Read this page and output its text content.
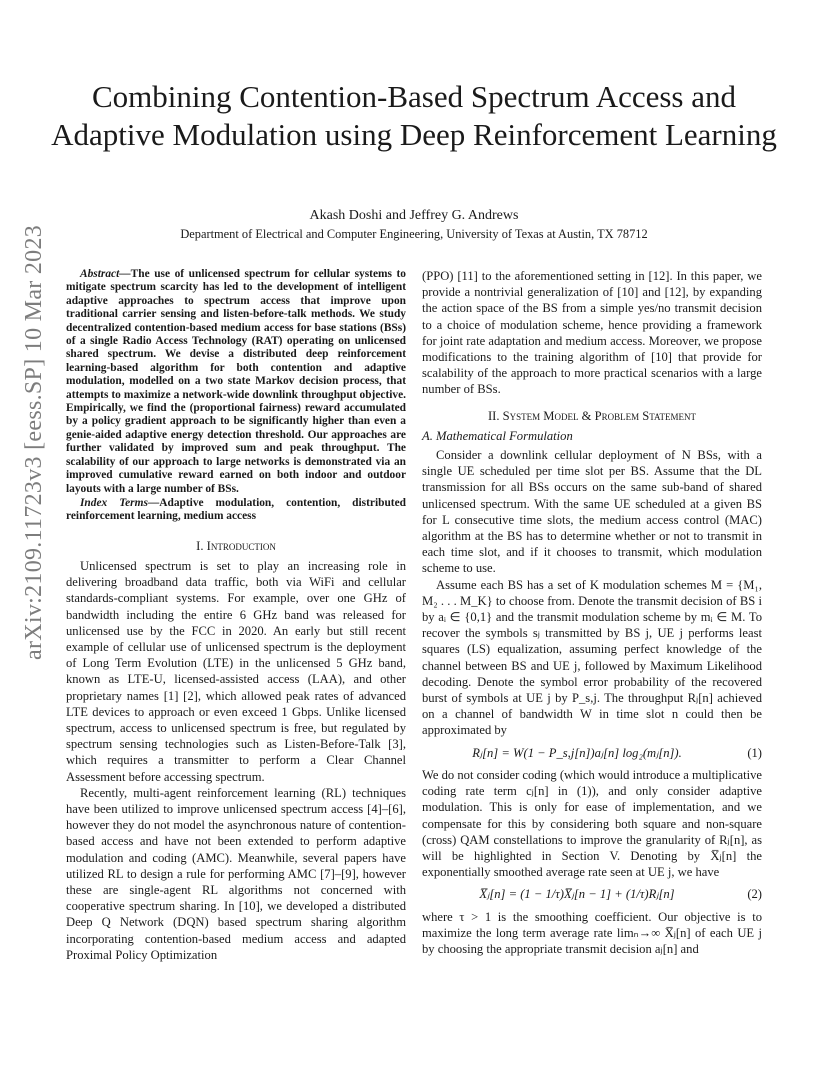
Combining Contention-Based Spectrum Access and Adaptive Modulation using Deep Reinforcement Learning
Akash Doshi and Jeffrey G. Andrews
Department of Electrical and Computer Engineering, University of Texas at Austin, TX 78712
arXiv:2109.11723v3 [eess.SP] 10 Mar 2023	Abstract—The use of unlicensed spectrum for cellular systems to mitigate spectrum scarcity has led to the development of intelligent adaptive approaches to spectrum access that improve upon traditional carrier sensing and listen-before-talk methods. We study decentralized contention-based medium access for base stations (BSs) of a single Radio Access Technology (RAT) operating on unlicensed shared spectrum. We devise a distributed deep reinforcement learning-based algorithm for both contention and adaptive modulation, modelled on a two state Markov decision process, that attempts to maximize a network-wide downlink throughput objective. Empirically, we find the (proportional fairness) reward accumulated by a policy gradient approach to be significantly higher than even a genie-aided adaptive energy detection threshold. Our approaches are further validated by improved sum and peak throughput. The scalability of our approach to large networks is demonstrated via an improved cumulative reward earned on both indoor and outdoor layouts with a large number of BSs.

Index Terms—Adaptive modulation, contention, distributed reinforcement learning, medium access

I. Introduction

Unlicensed spectrum is set to play an increasing role in delivering broadband data traffic, both via WiFi and cellular standards-compliant systems. For example, over one GHz of bandwidth including the entire 6 GHz band was released for unlicensed use by the FCC in 2020. An early but still recent example of cellular use of unlicensed spectrum is the deployment of Long Term Evolution (LTE) in the unlicensed 5 GHz band, known as LTE-U, licensed-assisted access (LAA), and other proprietary names [1] [2], which allowed peak rates of advanced LTE devices to approach or even exceed 1 Gbps. Unlike licensed spectrum, access to unlicensed spectrum is free, but regulated by spectrum sensing technologies such as Listen-Before-Talk [3], which requires a transmitter to perform a Clear Channel Assessment before accessing spectrum.

Recently, multi-agent reinforcement learning (RL) techniques have been utilized to improve unlicensed spectrum access [4]–[6], however they do not model the asynchronous nature of contention-based access and have not been extended to perform adaptive modulation and coding (AMC). Meanwhile, several papers have utilized RL to design a rule for performing AMC [7]–[9], however these are single-agent RL algorithms not concerned with cooperative spectrum sharing. In [10], we developed a distributed Deep Q Network (DQN) based spectrum sharing algorithm incorporating contention-based medium access and adapted Proximal Policy Optimization

(PPO) [11] to the aforementioned setting in [12]. In this paper, we provide a nontrivial generalization of [10] and [12], by expanding the action space of the BS from a simple yes/no transmit decision to a choice of modulation scheme, hence providing a framework for joint rate adaptation and medium access. Moreover, we propose modifications to the training algorithm of [10] that provide for scalability of the approach to more practical scenarios with a large number of BSs.

II. System Model & Problem Statement
A. Mathematical Formulation

Consider a downlink cellular deployment of N BSs, with a single UE scheduled per time slot per BS. Assume that the DL transmission for all BSs occurs on the same sub-band of shared unlicensed spectrum. With the same UE scheduled at a given BS for L consecutive time slots, the medium access control (MAC) algorithm at the BS has to determine whether or not to transmit in each time slot, and if it chooses to transmit, which modulation scheme to use.

Assume each BS has a set of K modulation schemes M = {M₁, M₂ . . . M_K} to choose from. Denote the transmit decision of BS i by aᵢ ∈ {0,1} and the transmit modulation scheme by mᵢ ∈ M. To recover the symbols sⱼ transmitted by BS j, UE j performs least squares (LS) equalization, assuming perfect knowledge of the channel between BS and UE j, followed by Maximum Likelihood decoding. Denote the symbol error probability of the recovered burst of symbols at UE j by P_s,j. The throughput Rⱼ[n] achieved on a channel of bandwidth W in time slot n could then be approximated by

Rⱼ[n] = W(1 − P_s,j[n])aⱼ[n] log₂(mⱼ[n]).	(1)

We do not consider coding (which would introduce a multiplicative coding rate term cⱼ[n] in (1)), and only consider adaptive modulation. This is only for ease of implementation, and we compensate for this by considering both square and non-square (cross) QAM constellations to improve the granularity of Rⱼ[n], as will be highlighted in Section V. Denoting by X̅ⱼ[n] the exponentially smoothed average rate seen at UE j, we have

X̅ⱼ[n] = (1 − 1/τ)X̅ⱼ[n − 1] + (1/τ)Rⱼ[n]	(2)

where τ > 1 is the smoothing coefficient. Our objective is to maximize the long term average rate limₙ→∞ X̅ⱼ[n] of each UE j by choosing the appropriate transmit decision aⱼ[n] and
